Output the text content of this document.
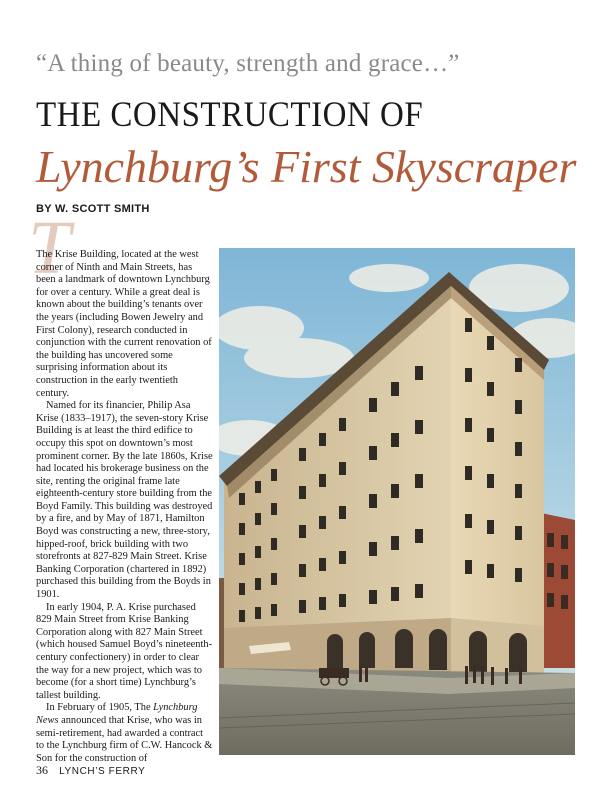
“A thing of beauty, strength and grace…”
THE CONSTRUCTION OF
Lynchburg’s First Skyscraper
BY W. SCOTT SMITH
T

The Krise Building, located at the west corner of Ninth and Main Streets, has been a landmark of downtown Lynchburg for over a century. While a great deal is known about the building’s tenants over the years (including Bowen Jewelry and First Colony), research conducted in conjunction with the current renovation of the building has uncovered some surprising information about its construction in the early twentieth century.

Named for its financier, Philip Asa Krise (1833–1917), the seven-story Krise Building is at least the third edifice to occupy this spot on downtown’s most prominent corner. By the late 1860s, Krise had located his brokerage business on the site, renting the original frame late eighteenth-century store building from the Boyd Family. This building was destroyed by a fire, and by May of 1871, Hamilton Boyd was constructing a new, three-story, hipped-roof, brick building with two storefronts at 827-829 Main Street. Krise Banking Corporation (chartered in 1892) purchased this building from the Boyds in 1901.

In early 1904, P. A. Krise purchased 829 Main Street from Krise Banking Corporation along with 827 Main Street (which housed Samuel Boyd’s nineteenth-century confectionery) in order to clear the way for a new project, which was to become (for a short time) Lynchburg’s tallest building.

In February of 1905, The Lynchburg News announced that Krise, who was in semi-retirement, had awarded a contract to the Lynchburg firm of C.W. Hancock & Son for the construction of

36 LYNCH’S FERRY
